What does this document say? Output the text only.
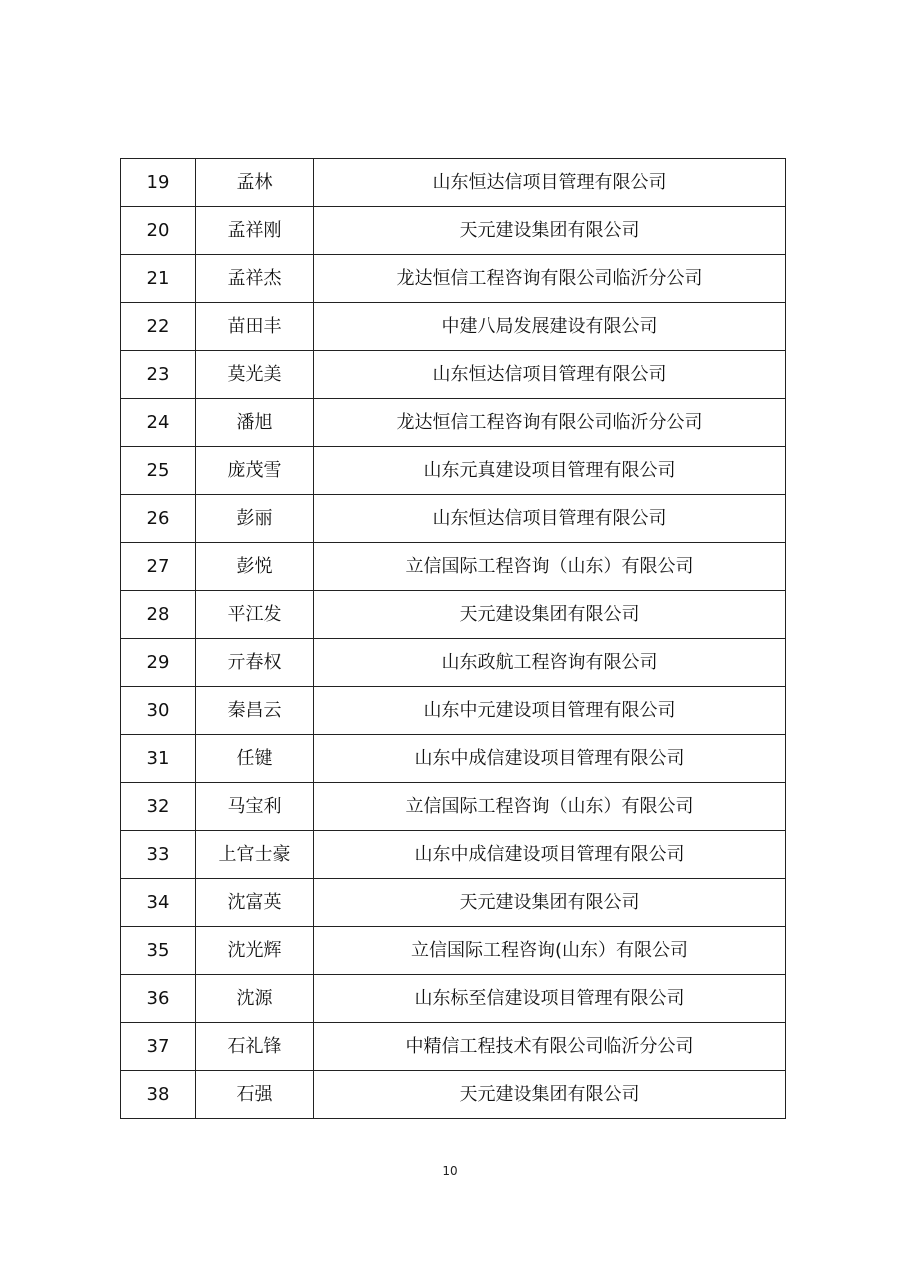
19	孟林	山东恒达信项目管理有限公司
20	孟祥刚	天元建设集团有限公司
21	孟祥杰	龙达恒信工程咨询有限公司临沂分公司
22	苗田丰	中建八局发展建设有限公司
23	莫光美	山东恒达信项目管理有限公司
24	潘旭	龙达恒信工程咨询有限公司临沂分公司
25	庞茂雪	山东元真建设项目管理有限公司
26	彭丽	山东恒达信项目管理有限公司
27	彭悦	立信国际工程咨询（山东）有限公司
28	平江发	天元建设集团有限公司
29	亓春权	山东政航工程咨询有限公司
30	秦昌云	山东中元建设项目管理有限公司
31	任键	山东中成信建设项目管理有限公司
32	马宝利	立信国际工程咨询（山东）有限公司
33	上官士豪	山东中成信建设项目管理有限公司
34	沈富英	天元建设集团有限公司
35	沈光辉	立信国际工程咨询(山东）有限公司
36	沈源	山东标至信建设项目管理有限公司
37	石礼锋	中精信工程技术有限公司临沂分公司
38	石强	天元建设集团有限公司
10
